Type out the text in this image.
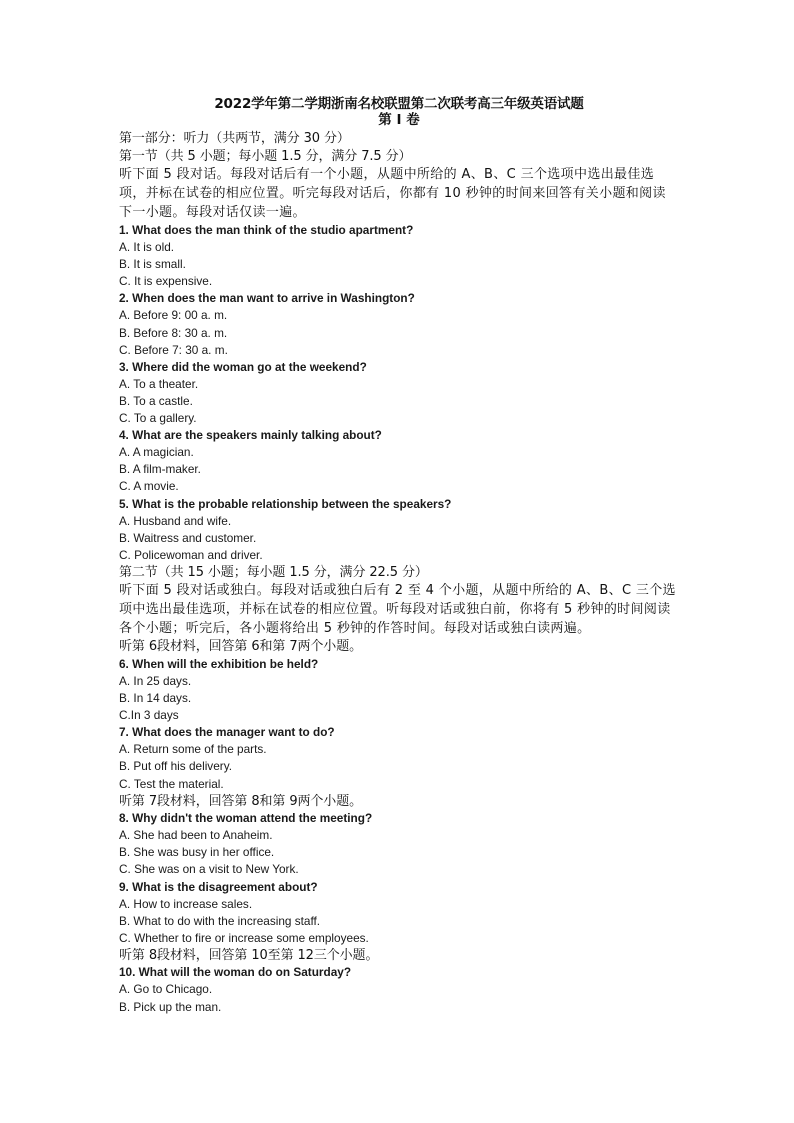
2022学年第二学期浙南名校联盟第二次联考高三年级英语试题
第 I 卷
第一部分：听力（共两节，满分 30 分）
第一节（共 5 小题；每小题 1.5 分，满分 7.5 分）
听下面 5 段对话。每段对话后有一个小题，从题中所给的 A、B、C 三个选项中选出最佳选项，并标在试卷的相应位置。听完每段对话后，你都有 10 秒钟的时间来回答有关小题和阅读下一小题。每段对话仅读一遍。
1. What does the man think of the studio apartment?
A. It is old.
B. It is small.
C. It is expensive.
2. When does the man want to arrive in Washington?
A. Before 9: 00 a. m.
B. Before 8: 30 a. m.
C. Before 7: 30 a. m.
3. Where did the woman go at the weekend?
A. To a theater.
B. To a castle.
C. To a gallery.
4. What are the speakers mainly talking about?
A. A magician.
B. A film-maker.
C. A movie.
5. What is the probable relationship between the speakers?
A. Husband and wife.
B. Waitress and customer.
C. Policewoman and driver.
第二节（共 15 小题；每小题 1.5 分，满分 22.5 分）
听下面 5 段对话或独白。每段对话或独白后有 2 至 4 个小题，从题中所给的 A、B、C 三个选项中选出最佳选项，并标在试卷的相应位置。听每段对话或独白前，你将有 5 秒钟的时间阅读各个小题；听完后，各小题将给出 5 秒钟的作答时间。每段对话或独白读两遍。
听第 6段材料，回答第 6和第 7两个小题。
6. When will the exhibition be held?
A. In 25 days.
B. In 14 days.
C.In 3 days
7. What does the manager want to do?
A. Return some of the parts.
B. Put off his delivery.
C. Test the material.
听第 7段材料，回答第 8和第 9两个小题。
8. Why didn't the woman attend the meeting?
A. She had been to Anaheim.
B. She was busy in her office.
C. She was on a visit to New York.
9. What is the disagreement about?
A. How to increase sales.
B. What to do with the increasing staff.
C. Whether to fire or increase some employees.
听第 8段材料，回答第 10至第 12三个小题。
10. What will the woman do on Saturday?
A. Go to Chicago.
B. Pick up the man.
